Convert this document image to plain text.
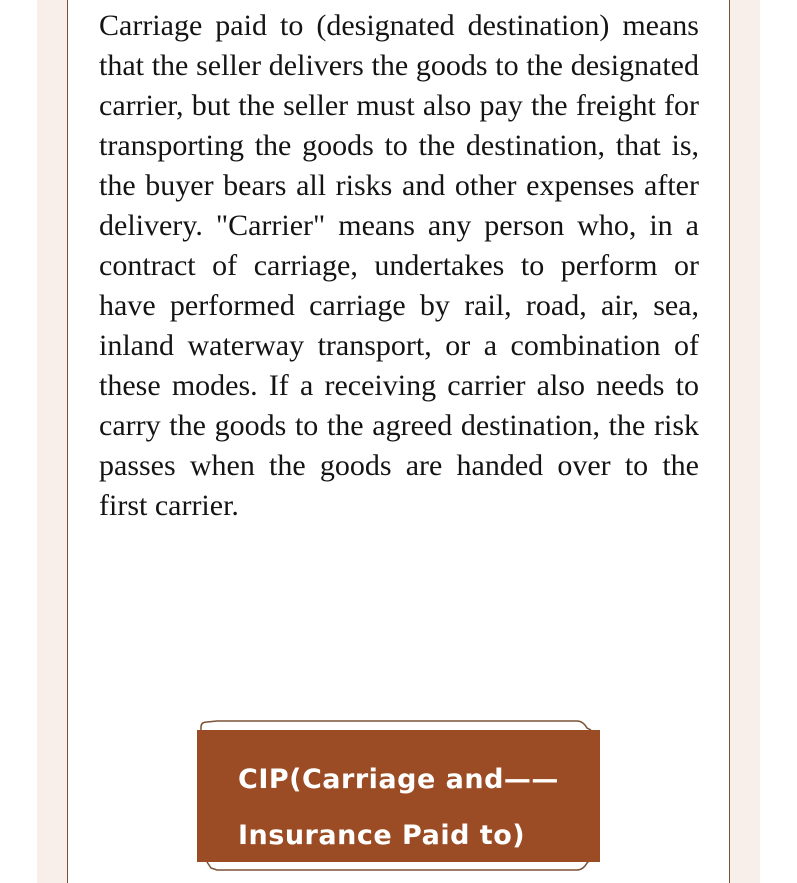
Carriage paid to (designated destination) means that the seller delivers the goods to the designated carrier, but the seller must also pay the freight for transporting the goods to the destination, that is, the buyer bears all risks and other expenses after delivery. "Carrier" means any person who, in a contract of carriage, undertakes to perform or have performed carriage by rail, road, air, sea, inland waterway transport, or a combination of these modes. If a receiving carrier also needs to carry the goods to the agreed destination, the risk passes when the goods are handed over to the first carrier.

CIP(Carriage and——
Insurance Paid to)
